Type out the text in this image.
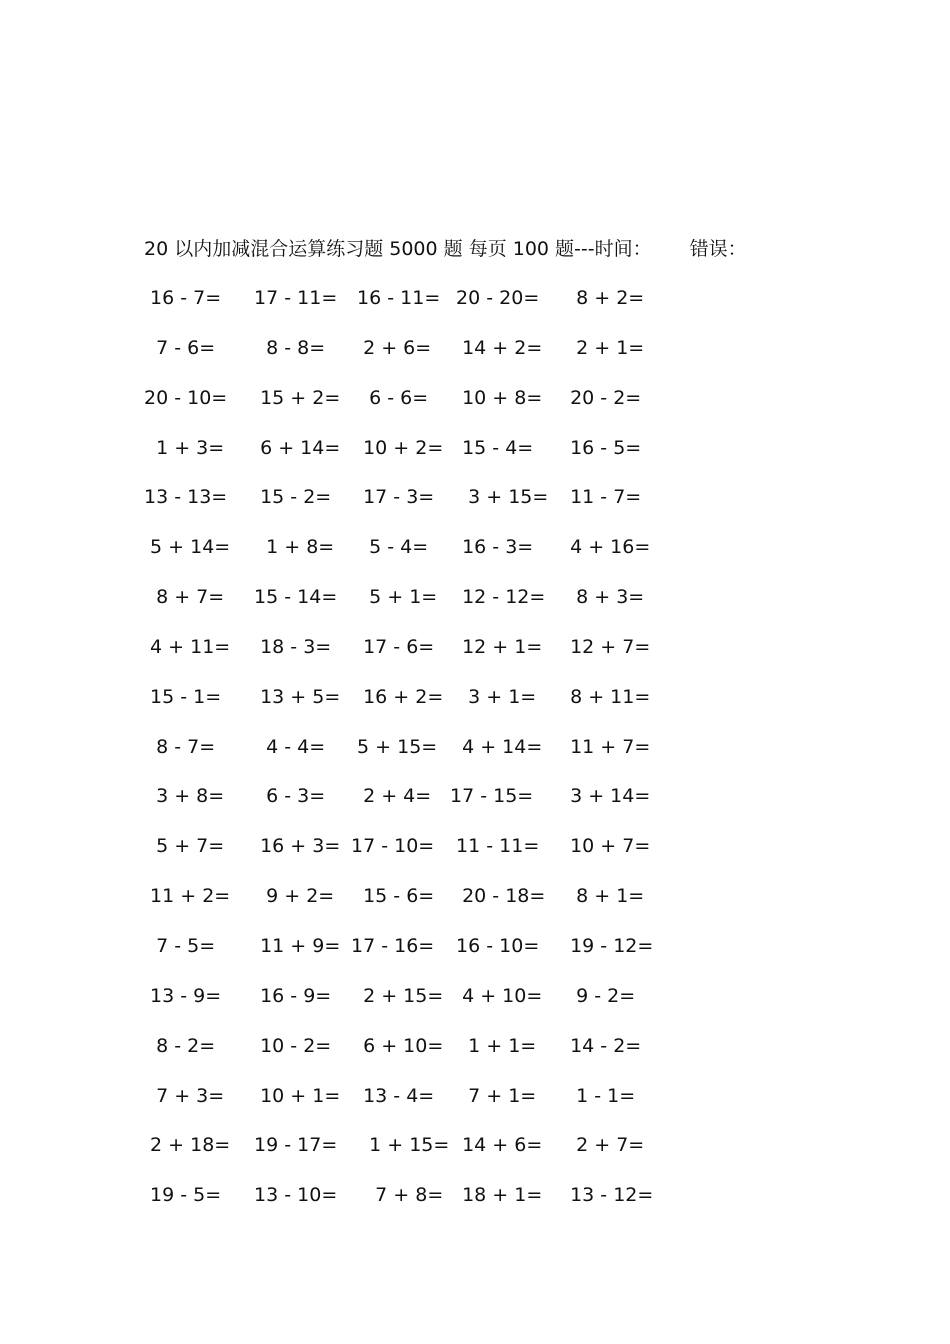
20 以内加减混合运算练习题 5000 题 每页 100 题---时间： 错误：
16 - 7= 17 - 11= 16 - 11= 20 - 20= 8 + 2=
7 - 6= 8 - 8= 2 + 6= 14 + 2= 2 + 1=
20 - 10= 15 + 2= 6 - 6= 10 + 8= 20 - 2=
1 + 3= 6 + 14= 10 + 2= 15 - 4= 16 - 5=
13 - 13= 15 - 2= 17 - 3= 3 + 15= 11 - 7=
5 + 14= 1 + 8= 5 - 4= 16 - 3= 4 + 16=
8 + 7= 15 - 14= 5 + 1= 12 - 12= 8 + 3=
4 + 11= 18 - 3= 17 - 6= 12 + 1= 12 + 7=
15 - 1= 13 + 5= 16 + 2= 3 + 1= 8 + 11=
8 - 7= 4 - 4= 5 + 15= 4 + 14= 11 + 7=
3 + 8= 6 - 3= 2 + 4= 17 - 15= 3 + 14=
5 + 7= 16 + 3= 17 - 10= 11 - 11= 10 + 7=
11 + 2= 9 + 2= 15 - 6= 20 - 18= 8 + 1=
7 - 5= 11 + 9= 17 - 16= 16 - 10= 19 - 12=
13 - 9= 16 - 9= 2 + 15= 4 + 10= 9 - 2=
8 - 2= 10 - 2= 6 + 10= 1 + 1= 14 - 2=
7 + 3= 10 + 1= 13 - 4= 7 + 1= 1 - 1=
2 + 18= 19 - 17= 1 + 15= 14 + 6= 2 + 7=
19 - 5= 13 - 10= 7 + 8= 18 + 1= 13 - 12=
